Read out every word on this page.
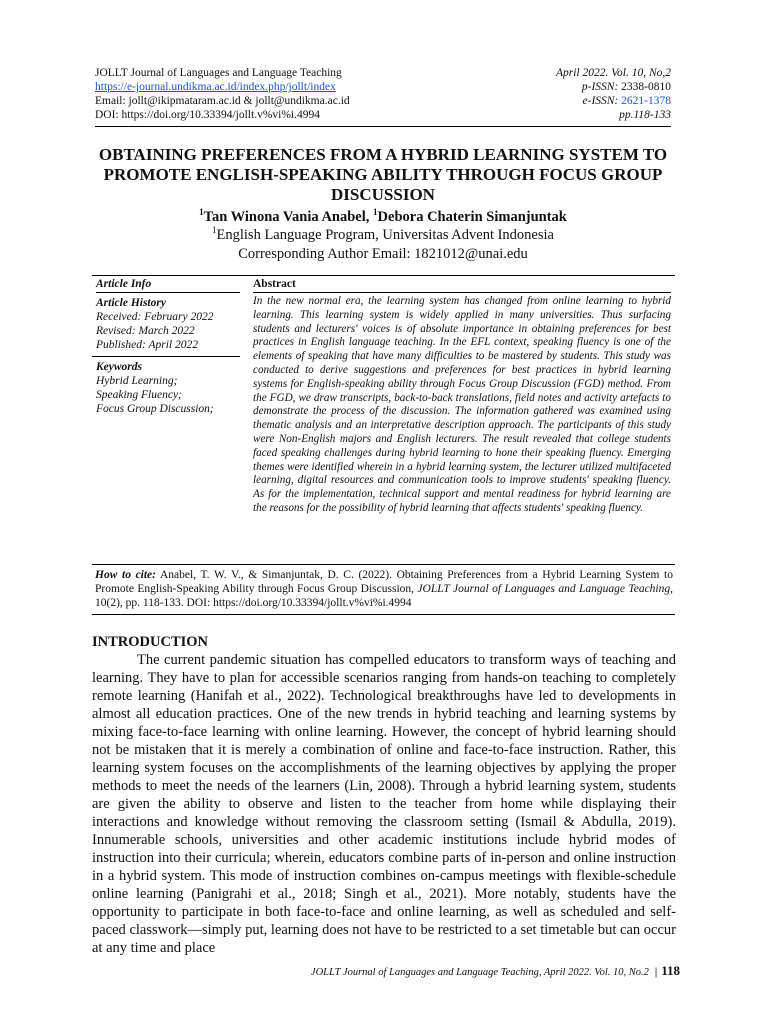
JOLLT Journal of Languages and Language Teaching	April 2022. Vol. 10, No,2
https://e-journal.undikma.ac.id/index.php/jollt/index	p-ISSN: 2338-0810
Email: jollt@ikipmataram.ac.id & jollt@undikma.ac.id	e-ISSN: 2621-1378
DOI: https://doi.org/10.33394/jollt.v%vi%i.4994	pp.118-133
OBTAINING PREFERENCES FROM A HYBRID LEARNING SYSTEM TO PROMOTE ENGLISH-SPEAKING ABILITY THROUGH FOCUS GROUP DISCUSSION
$^1$Tan Winona Vania Anabel, $^1$Debora Chaterin Simanjuntak
$^1$English Language Program, Universitas Advent Indonesia
Corresponding Author Email: 1821012@unai.edu
Article Info
Article History
Received: February 2022
Revised: March 2022
Published: April 2022
Keywords
Hybrid Learning;
Speaking Fluency;
Focus Group Discussion;
Abstract

In the new normal era, the learning system has changed from online learning to hybrid learning. This learning system is widely applied in many universities. Thus surfacing students and lecturers' voices is of absolute importance in obtaining preferences for best practices in English language teaching. In the EFL context, speaking fluency is one of the elements of speaking that have many difficulties to be mastered by students. This study was conducted to derive suggestions and preferences for best practices in hybrid learning systems for English-speaking ability through Focus Group Discussion (FGD) method. From the FGD, we draw transcripts, back-to-back translations, field notes and activity artefacts to demonstrate the process of the discussion. The information gathered was examined using thematic analysis and an interpretative description approach. The participants of this study were Non-English majors and English lecturers. The result revealed that college students faced speaking challenges during hybrid learning to hone their speaking fluency. Emerging themes were identified wherein in a hybrid learning system, the lecturer utilized multifaceted learning, digital resources and communication tools to improve students' speaking fluency. As for the implementation, technical support and mental readiness for hybrid learning are the reasons for the possibility of hybrid learning that affects students' speaking fluency.

How to cite: Anabel, T. W. V., & Simanjuntak, D. C. (2022). Obtaining Preferences from a Hybrid Learning System to Promote English-Speaking Ability through Focus Group Discussion, JOLLT Journal of Languages and Language Teaching, 10(2), pp. 118-133. DOI: https://doi.org/10.33394/jollt.v%vi%i.4994
INTRODUCTION

The current pandemic situation has compelled educators to transform ways of teaching and learning. They have to plan for accessible scenarios ranging from hands-on teaching to completely remote learning (Hanifah et al., 2022). Technological breakthroughs have led to developments in almost all education practices. One of the new trends in hybrid teaching and learning systems by mixing face-to-face learning with online learning. However, the concept of hybrid learning should not be mistaken that it is merely a combination of online and face-to-face instruction. Rather, this learning system focuses on the accomplishments of the learning objectives by applying the proper methods to meet the needs of the learners (Lin, 2008). Through a hybrid learning system, students are given the ability to observe and listen to the teacher from home while displaying their interactions and knowledge without removing the classroom setting (Ismail & Abdulla, 2019). Innumerable schools, universities and other academic institutions include hybrid modes of instruction into their curricula; wherein, educators combine parts of in-person and online instruction in a hybrid system. This mode of instruction combines on-campus meetings with flexible-schedule online learning (Panigrahi et al., 2018; Singh et al., 2021). More notably, students have the opportunity to participate in both face-to-face and online learning, as well as scheduled and self-paced classwork—simply put, learning does not have to be restricted to a set timetable but can occur at any time and place

JOLLT Journal of Languages and Language Teaching, April 2022. Vol. 10, No.2 | 118
